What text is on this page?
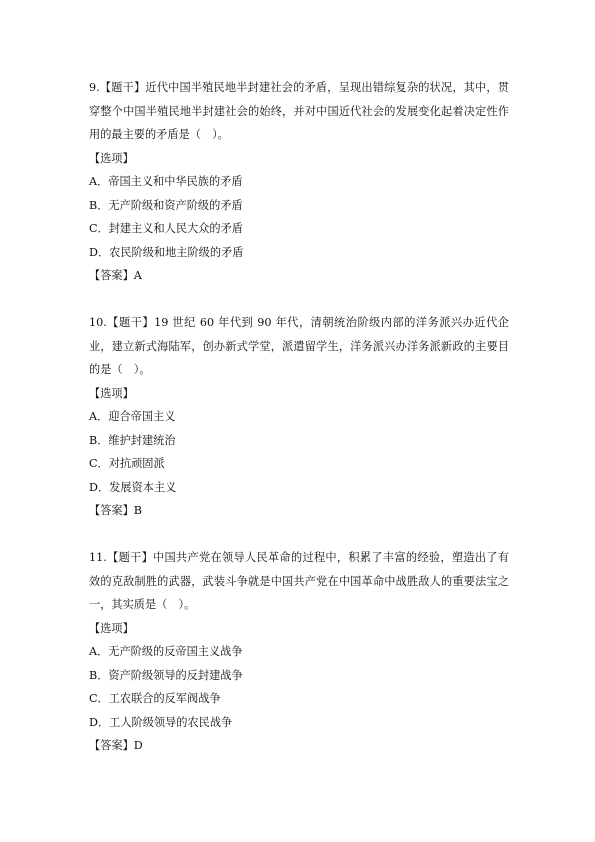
9.【题干】近代中国半殖民地半封建社会的矛盾，呈现出错综复杂的状况，其中，贯穿整个中国半殖民地半封建社会的始终，并对中国近代社会的发展变化起着决定性作用的最主要的矛盾是（　）。

【选项】

A．帝国主义和中华民族的矛盾

B．无产阶级和资产阶级的矛盾

C．封建主义和人民大众的矛盾

D．农民阶级和地主阶级的矛盾

【答案】A

10.【题干】19 世纪 60 年代到 90 年代，清朝统治阶级内部的洋务派兴办近代企业，建立新式海陆军，创办新式学堂，派遣留学生，洋务派兴办洋务派新政的主要目的是（　）。

【选项】

A．迎合帝国主义

B．维护封建统治

C．对抗顽固派

D．发展资本主义

【答案】B

11.【题干】中国共产党在领导人民革命的过程中，积累了丰富的经验，塑造出了有效的克敌制胜的武器，武装斗争就是中国共产党在中国革命中战胜敌人的重要法宝之一，其实质是（　）。

【选项】

A．无产阶级的反帝国主义战争

B．资产阶级领导的反封建战争

C．工农联合的反军阀战争

D．工人阶级领导的农民战争

【答案】D
